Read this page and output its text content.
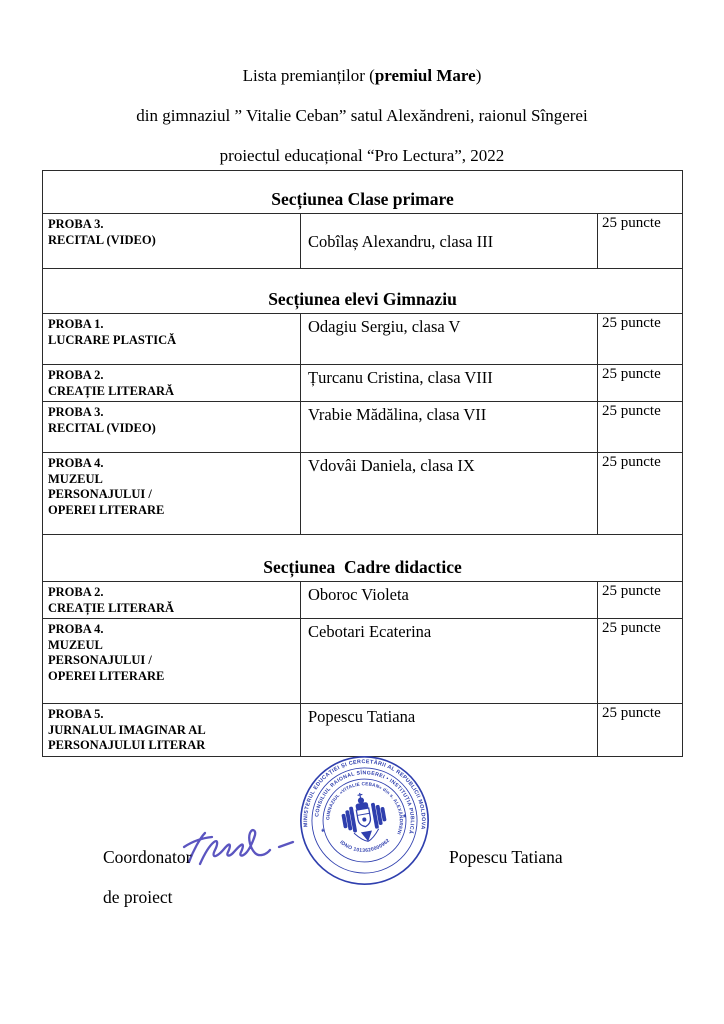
Lista premianților (premiul Mare)
din gimnaziul ” Vitalie Ceban” satul Alexăndreni, raionul Sîngerei
proiectul educațional “Pro Lectura”, 2022
Secțiunea Clase primare		

PROBA 3.
RECITAL (VIDEO)	Cobîlaș Alexandru, clasa III	25 puncte
Secțiunea elevi Gimnaziu		

PROBA 1.
LUCRARE PLASTICĂ	Odagiu Sergiu, clasa V	25 puncte

PROBA 2.
CREAȚIE LITERARĂ	Țurcanu Cristina, clasa VIII	25 puncte

PROBA 3.
RECITAL (VIDEO)	Vrabie Mădălina, clasa VII	25 puncte

PROBA 4.
MUZEUL
PERSONAJULUI /
OPEREI LITERARE	Vdovâi Daniela, clasa IX	25 puncte
Secțiunea  Cadre didactice		

PROBA 2.
CREAȚIE LITERARĂ	Oboroc Violeta	25 puncte

PROBA 4.
MUZEUL
PERSONAJULUI /
OPEREI LITERARE	Cebotari Ecaterina	25 puncte

PROBA 5.
JURNALUL IMAGINAR AL
PERSONAJULUI LITERAR	Popescu Tatiana	25 puncte
MINISTERUL EDUCAȚIEI ȘI CERCETĂRII AL REPUBLICII MOLDOVA
CONSILIUL RAIONAL SÎNGEREI • INSTITUȚIA PUBLICĂ
GIMNAZIUL «VITALIE CEBAN» din s. ALEXĂNDRENI
IDNO 1013620000962
*
*
Coordonator
de proiect
Popescu Tatiana
